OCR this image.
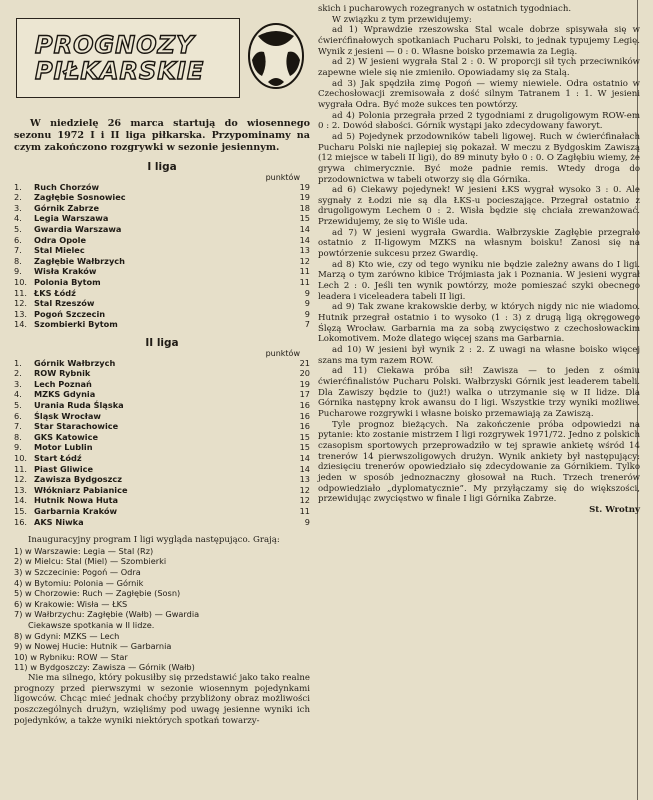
PROGNOZY
PIŁKARSKIE

W niedzielę 26 marca startują do wiosennego sezonu 1972 I i II liga piłkarska. Przypominamy na czym zakończono rozgrywki w sezonie jesiennym.

I liga
punktów
1.	Ruch Chorzów	19
2.	Zagłębie Sosnowiec	19
3.	Górnik Zabrze	18
4.	Legia Warszawa	15
5.	Gwardia Warszawa	14
6.	Odra Opole	14
7.	Stal Mielec	13
8.	Zagłębie Wałbrzych	12
9.	Wisła Kraków	11
10. Polonia Bytom	11
11. ŁKS Łódź	9
12. Stal Rzeszów	9
13. Pogoń Szczecin	9
14. Szombierki Bytom	7
II liga
punktów
1.	Górnik Wałbrzych	21
2.	ROW Rybnik	20
3.	Lech Poznań	19
4.	MZKS Gdynia	17
5.	Urania Ruda Śląska	16
6.	Śląsk Wrocław	16
7.	Star Starachowice	16
8.	GKS Katowice	15
9.	Motor Lublin	15
10. Start Łódź	14
11. Piast Gliwice	14
12. Zawisza Bydgoszcz	13
13. Włókniarz Pabianice	12
14. Hutnik Nowa Huta	12
15. Garbarnia Kraków	11
16. AKS Niwka	9

Inauguracyjny program I ligi wygląda następująco. Grają:

1) w Warszawie: Legia — Stal (Rz)
2) w Mielcu: Stal (Miel) — Szombierki
3) w Szczecinie: Pogoń — Odra
4) w Bytomiu: Polonia — Górnik
5) w Chorzowie: Ruch — Zagłębie (Sosn)
6) w Krakowie: Wisła — ŁKS
7) w Wałbrzychu: Zagłębie (Wałb) — Gwardia
Ciekawsze spotkania w II lidze.
8) w Gdyni: MZKS — Lech
9) w Nowej Hucie: Hutnik — Garbarnia
10) w Rybniku: ROW — Star
11) w Bydgoszczy: Zawisza — Górnik (Wałb)

Nie ma silnego, który pokusiłby się przedstawić jako tako realne prognozy przed pierwszymi w sezonie wiosennym pojedynkami ligowców. Chcąc mieć jednak choćby przybliżony obraz możliwości poszczególnych drużyn, wzięliśmy pod uwagę jesienne wyniki ich pojedynków, a także wyniki niektórych spotkań towarzy-

skich i pucharowych rozegranych w ostatnich tygodniach.

W związku z tym przewidujemy:

ad 1) Wprawdzie rzeszowska Stal wcale dobrze spisywała się w ćwierćfinałowych spotkaniach Pucharu Polski, to jednak typujemy Legię. Wynik z jesieni — 0 : 0. Własne boisko przemawia za Legią.

ad 2) W jesieni wygrała Stal 2 : 0. W proporcji sił tych przeciwników zapewne wiele się nie zmieniło. Opowiadamy się za Stalą.

ad 3) Jak spędziła zimę Pogoń — wiemy niewiele. Odra ostatnio w Czechosłowacji zremisowała z dość silnym Tatranem 1 : 1. W jesieni wygrała Odra. Być może sukces ten powtórzy.

ad 4) Polonia przegrała przed 2 tygodniami z drugoligowym ROW-em 0 : 2. Dowód słabości. Górnik wystąpi jako zdecydowany faworyt.

ad 5) Pojedynek przodowników tabeli ligowej. Ruch w ćwierćfinałach Pucharu Polski nie najlepiej się pokazał. W meczu z Bydgoskim Zawiszą (12 miejsce w tabeli II ligi), do 89 minuty było 0 : 0. O Zagłębiu wiemy, że grywa chimerycznie. Być może padnie remis. Wtedy droga do przodownictwa w tabeli otworzy się dla Górnika.

ad 6) Ciekawy pojedynek! W jesieni ŁKS wygrał wysoko 3 : 0. Ale sygnały z Łodzi nie są dla ŁKS-u pocieszające. Przegrał ostatnio z drugoligowym Lechem 0 : 2. Wisła będzie się chciała zrewanżować. Przewidujemy, że się to Wiśle uda.

ad 7) W jesieni wygrała Gwardia. Wałbrzyskie Zagłębie przegrało ostatnio z II-ligowym MZKS na własnym boisku! Zanosi się na powtórzenie sukcesu przez Gwardię.

ad 8) Kto wie, czy od tego wyniku nie będzie zależny awans do I ligi. Marzą o tym zarówno kibice Trójmiasta jak i Poznania. W jesieni wygrał Lech 2 : 0. Jeśli ten wynik powtórzy, może pomieszać szyki obecnego leadera i viceleadera tabeli II ligi.

ad 9) Tak zwane krakowskie derby, w których nigdy nic nie wiadomo. Hutnik przegrał ostatnio i to wysoko (1 : 3) z drugą ligą okręgowego Ślęzą Wrocław. Garbarnia ma za sobą zwycięstwo z czechosłowackim Lokomotivem. Może dlatego więcej szans ma Garbarnia.

ad 10) W jesieni był wynik 2 : 2. Z uwagi na własne boisko więcej szans ma tym razem ROW.

ad 11) Ciekawa próba sił! Zawisza — to jeden z ośmiu ćwierćfinalistów Pucharu Polski. Wałbrzyski Górnik jest leaderem tabeli. Dla Zawiszy będzie to (już!) walka o utrzymanie się w II lidze. Dla Górnika następny krok awansu do I ligi. Wszystkie trzy wyniki możliwe. Pucharowe rozgrywki i własne boisko przemawiają za Zawiszą.

Tyle prognoz bieżących. Na zakończenie próba odpowiedzi na pytanie: kto zostanie mistrzem I ligi rozgrywek 1971/72. Jedno z polskich czasopism sportowych przeprowadziło w tej sprawie ankietę wśród 14 trenerów 14 pierwszoligowych drużyn. Wynik ankiety był następujący: dziesięciu trenerów opowiedziało się zdecydowanie za Górnikiem. Tylko jeden w sposób jednoznaczny głosował na Ruch. Trzech trenerów odpowiedziało „dyplomatycznie”. My przyłączamy się do większości, przewidując zwycięstwo w finale I ligi Górnika Zabrze.

St. Wrotny
